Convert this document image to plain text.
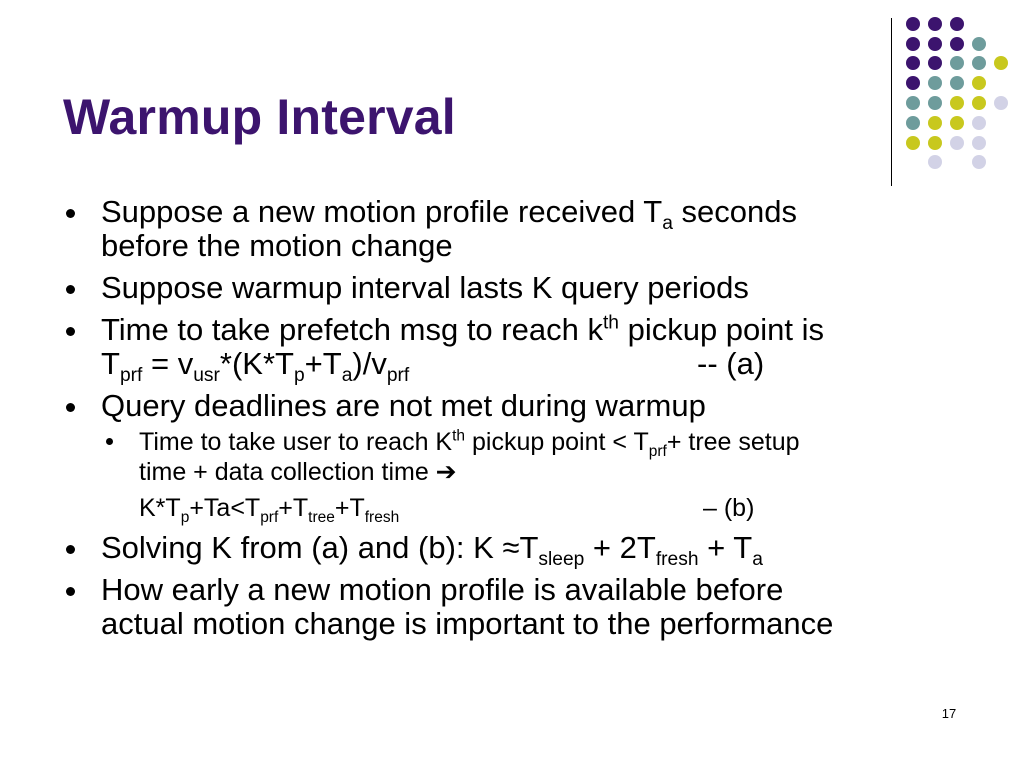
Warmup Interval
Suppose a new motion profile received $T_a$ seconds
before the motion change
Suppose warmup interval lasts K query periods
Time to take prefetch msg to reach $k^{th}$ pickup point is
$T_{prf} = v_{usr}*(K*T_p+T_a)/v_{prf}$	-- (a)
Query deadlines are not met during warmup
Time to take user to reach $K^{th}$ pickup point < $T_{prf}+$ tree setup
time + data collection time ➔
$K*T_p+Ta<T_{prf}+T_{tree}+T_{fresh}$	– (b)
Solving K from (a) and (b): $K \approx T_{sleep} + 2T_{fresh} + T_a$
How early a new motion profile is available before
actual motion change is important to the performance
17
